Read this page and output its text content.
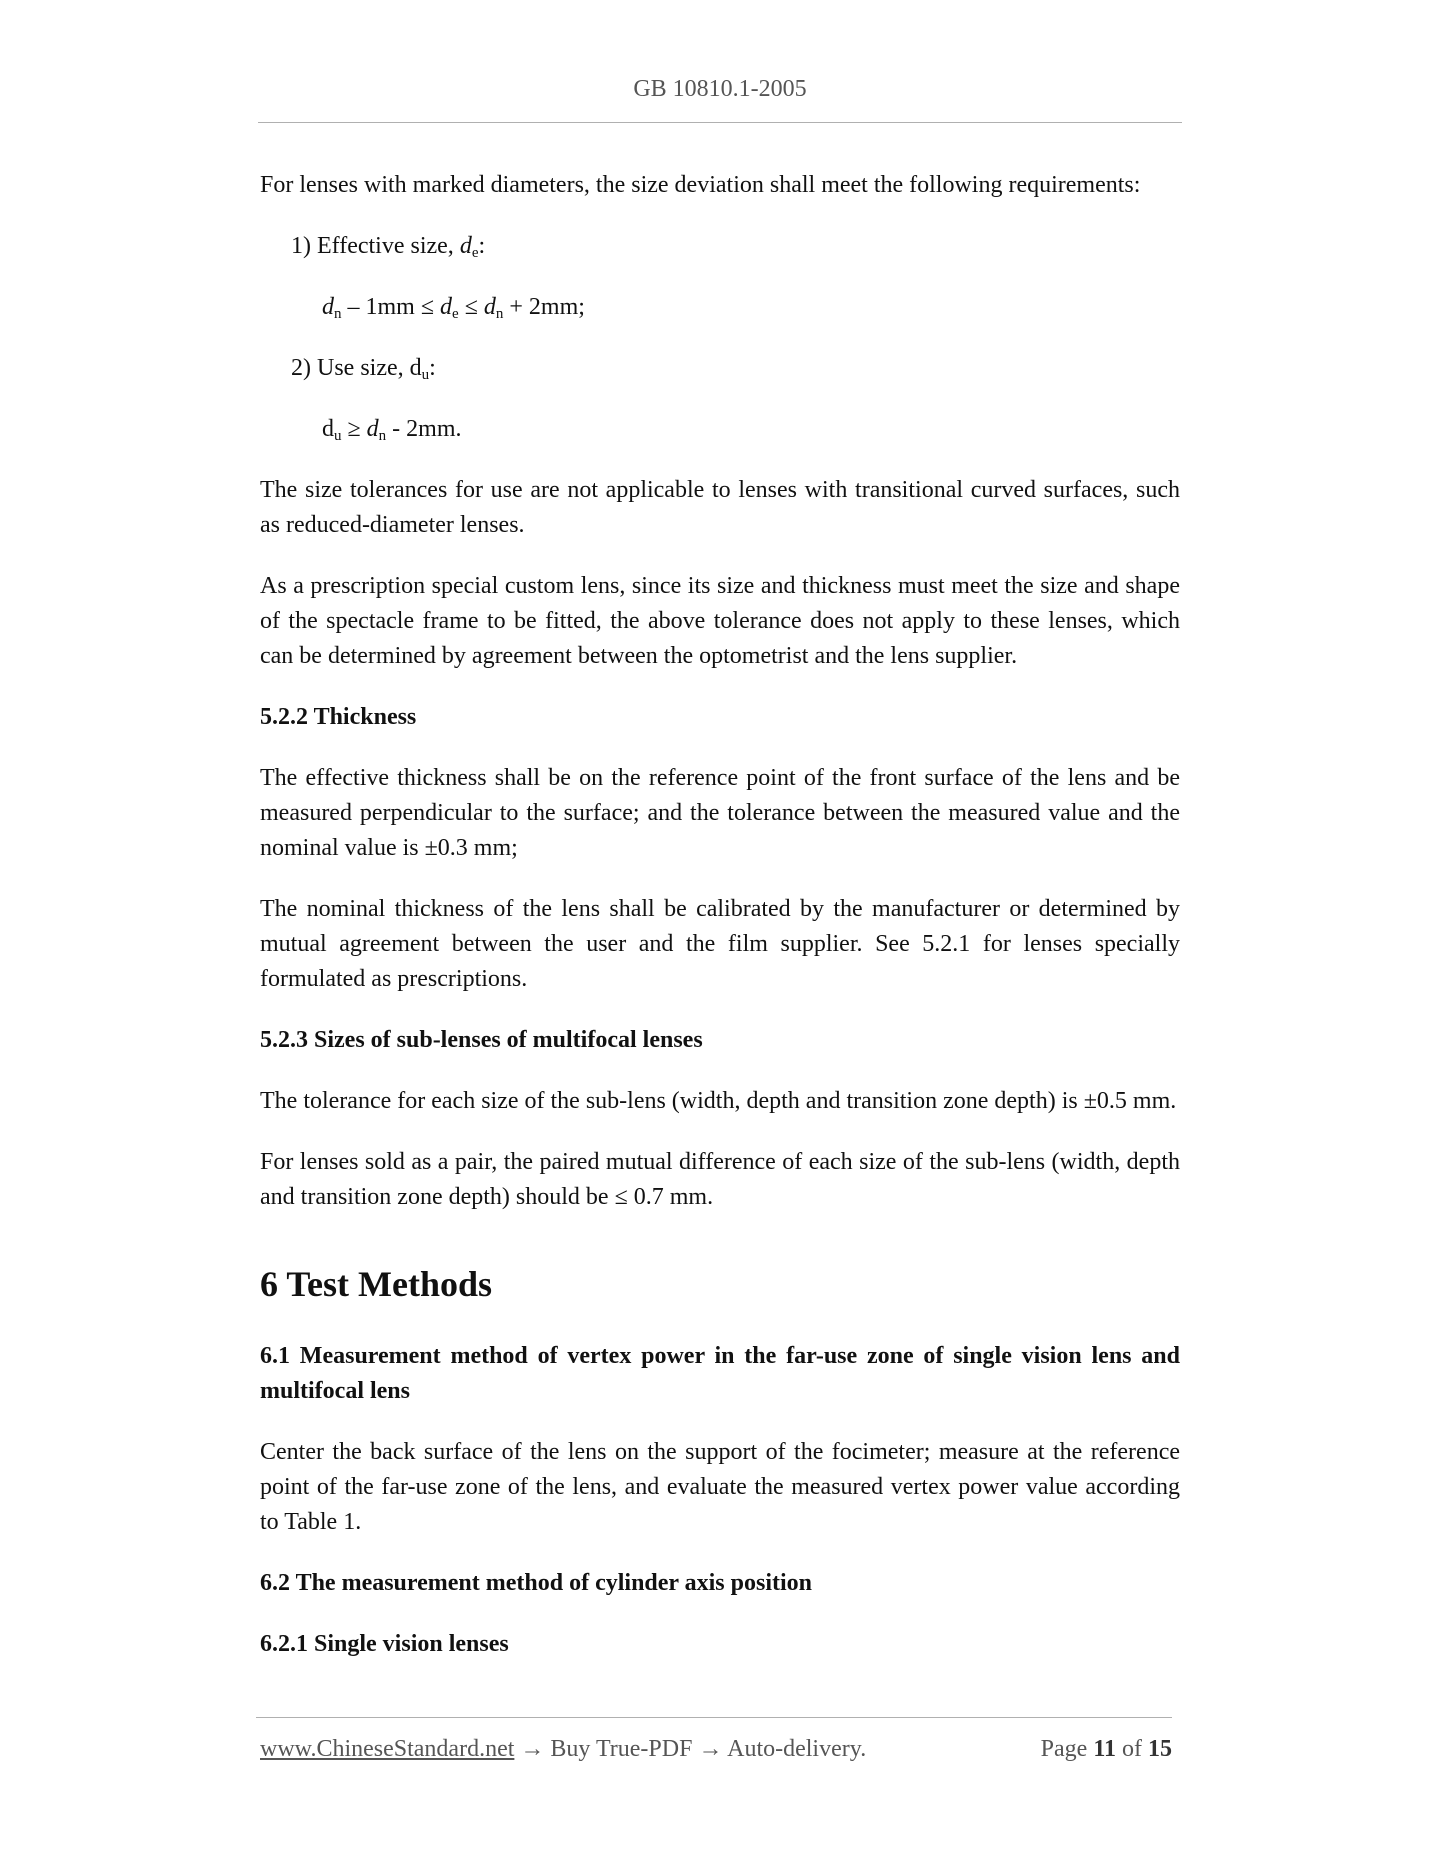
GB 10810.1-2005

For lenses with marked diameters, the size deviation shall meet the following requirements:

1) Effective size, $d_e$:

$d_n - 1mm \le d_e \le d_n + 2mm$;

2) Use size, $d_u$:

$d_u \ge d_n - 2mm$.

The size tolerances for use are not applicable to lenses with transitional curved surfaces, such as reduced-diameter lenses.

As a prescription special custom lens, since its size and thickness must meet the size and shape of the spectacle frame to be fitted, the above tolerance does not apply to these lenses, which can be determined by agreement between the optometrist and the lens supplier.

5.2.2 Thickness

The effective thickness shall be on the reference point of the front surface of the lens and be measured perpendicular to the surface; and the tolerance between the measured value and the nominal value is ±0.3 mm;

The nominal thickness of the lens shall be calibrated by the manufacturer or determined by mutual agreement between the user and the film supplier. See 5.2.1 for lenses specially formulated as prescriptions.

5.2.3 Sizes of sub-lenses of multifocal lenses

The tolerance for each size of the sub-lens (width, depth and transition zone depth) is ±0.5 mm.

For lenses sold as a pair, the paired mutual difference of each size of the sub-lens (width, depth and transition zone depth) should be ≤ 0.7 mm.

6 Test Methods
6.1 Measurement method of vertex power in the far-use zone of single vision lens and multifocal lens

Center the back surface of the lens on the support of the focimeter; measure at the reference point of the far-use zone of the lens, and evaluate the measured vertex power value according to Table 1.

6.2 The measurement method of cylinder axis position
6.2.1 Single vision lenses
www.ChineseStandard.net → Buy True-PDF → Auto-delivery.	Page 11 of 15
